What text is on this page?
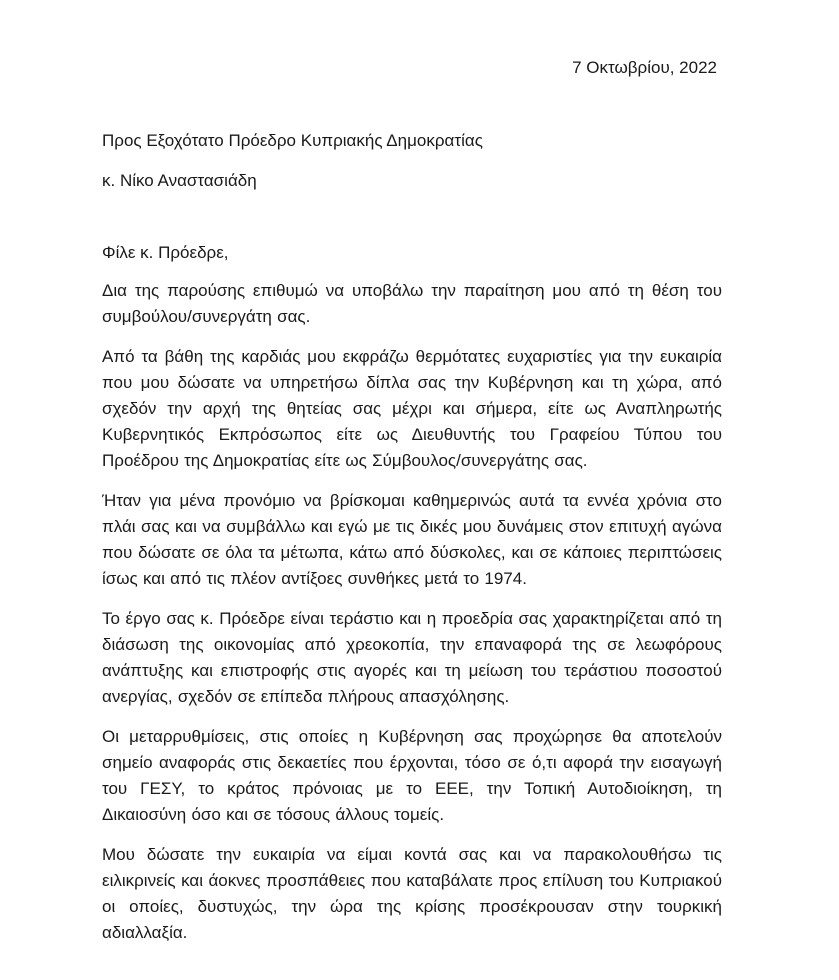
7 Οκτωβρίου, 2022
Προς Εξοχότατο Πρόεδρο Κυπριακής Δημοκρατίας
κ. Νίκο Αναστασιάδη
Φίλε κ. Πρόεδρε,

Δια της παρούσης επιθυμώ να υποβάλω την παραίτηση μου από τη θέση του συμβούλου/συνεργάτη σας.

Από τα βάθη της καρδιάς μου εκφράζω θερμότατες ευχαριστίες για την ευκαιρία που μου δώσατε να υπηρετήσω δίπλα σας την Κυβέρνηση και τη χώρα, από σχεδόν την αρχή της θητείας σας μέχρι και σήμερα, είτε ως Αναπληρωτής Κυβερνητικός Εκπρόσωπος είτε ως Διευθυντής του Γραφείου Τύπου του Προέδρου της Δημοκρατίας είτε ως Σύμβουλος/συνεργάτης σας.

Ήταν για μένα προνόμιο να βρίσκομαι καθημερινώς αυτά τα εννέα χρόνια στο πλάι σας και να συμβάλλω και εγώ με τις δικές μου δυνάμεις στον επιτυχή αγώνα που δώσατε σε όλα τα μέτωπα, κάτω από δύσκολες, και σε κάποιες περιπτώσεις ίσως και από τις πλέον αντίξοες συνθήκες μετά το 1974.

Το έργο σας κ. Πρόεδρε είναι τεράστιο και η προεδρία σας χαρακτηρίζεται από τη διάσωση της οικονομίας από χρεοκοπία, την επαναφορά της σε λεωφόρους ανάπτυξης και επιστροφής στις αγορές και τη μείωση του τεράστιου ποσοστού ανεργίας, σχεδόν σε επίπεδα πλήρους απασχόλησης.

Οι μεταρρυθμίσεις, στις οποίες η Κυβέρνηση σας προχώρησε θα αποτελούν σημείο αναφοράς στις δεκαετίες που έρχονται, τόσο σε ό,τι αφορά την εισαγωγή του ΓΕΣΥ, το κράτος πρόνοιας με το ΕΕΕ, την Τοπική Αυτοδιοίκηση, τη Δικαιοσύνη όσο και σε τόσους άλλους τομείς.

Μου δώσατε την ευκαιρία να είμαι κοντά σας και να παρακολουθήσω τις ειλικρινείς και άοκνες προσπάθειες που καταβάλατε προς επίλυση του Κυπριακού οι οποίες, δυστυχώς, την ώρα της κρίσης προσέκρουσαν στην τουρκική αδιαλλαξία.
